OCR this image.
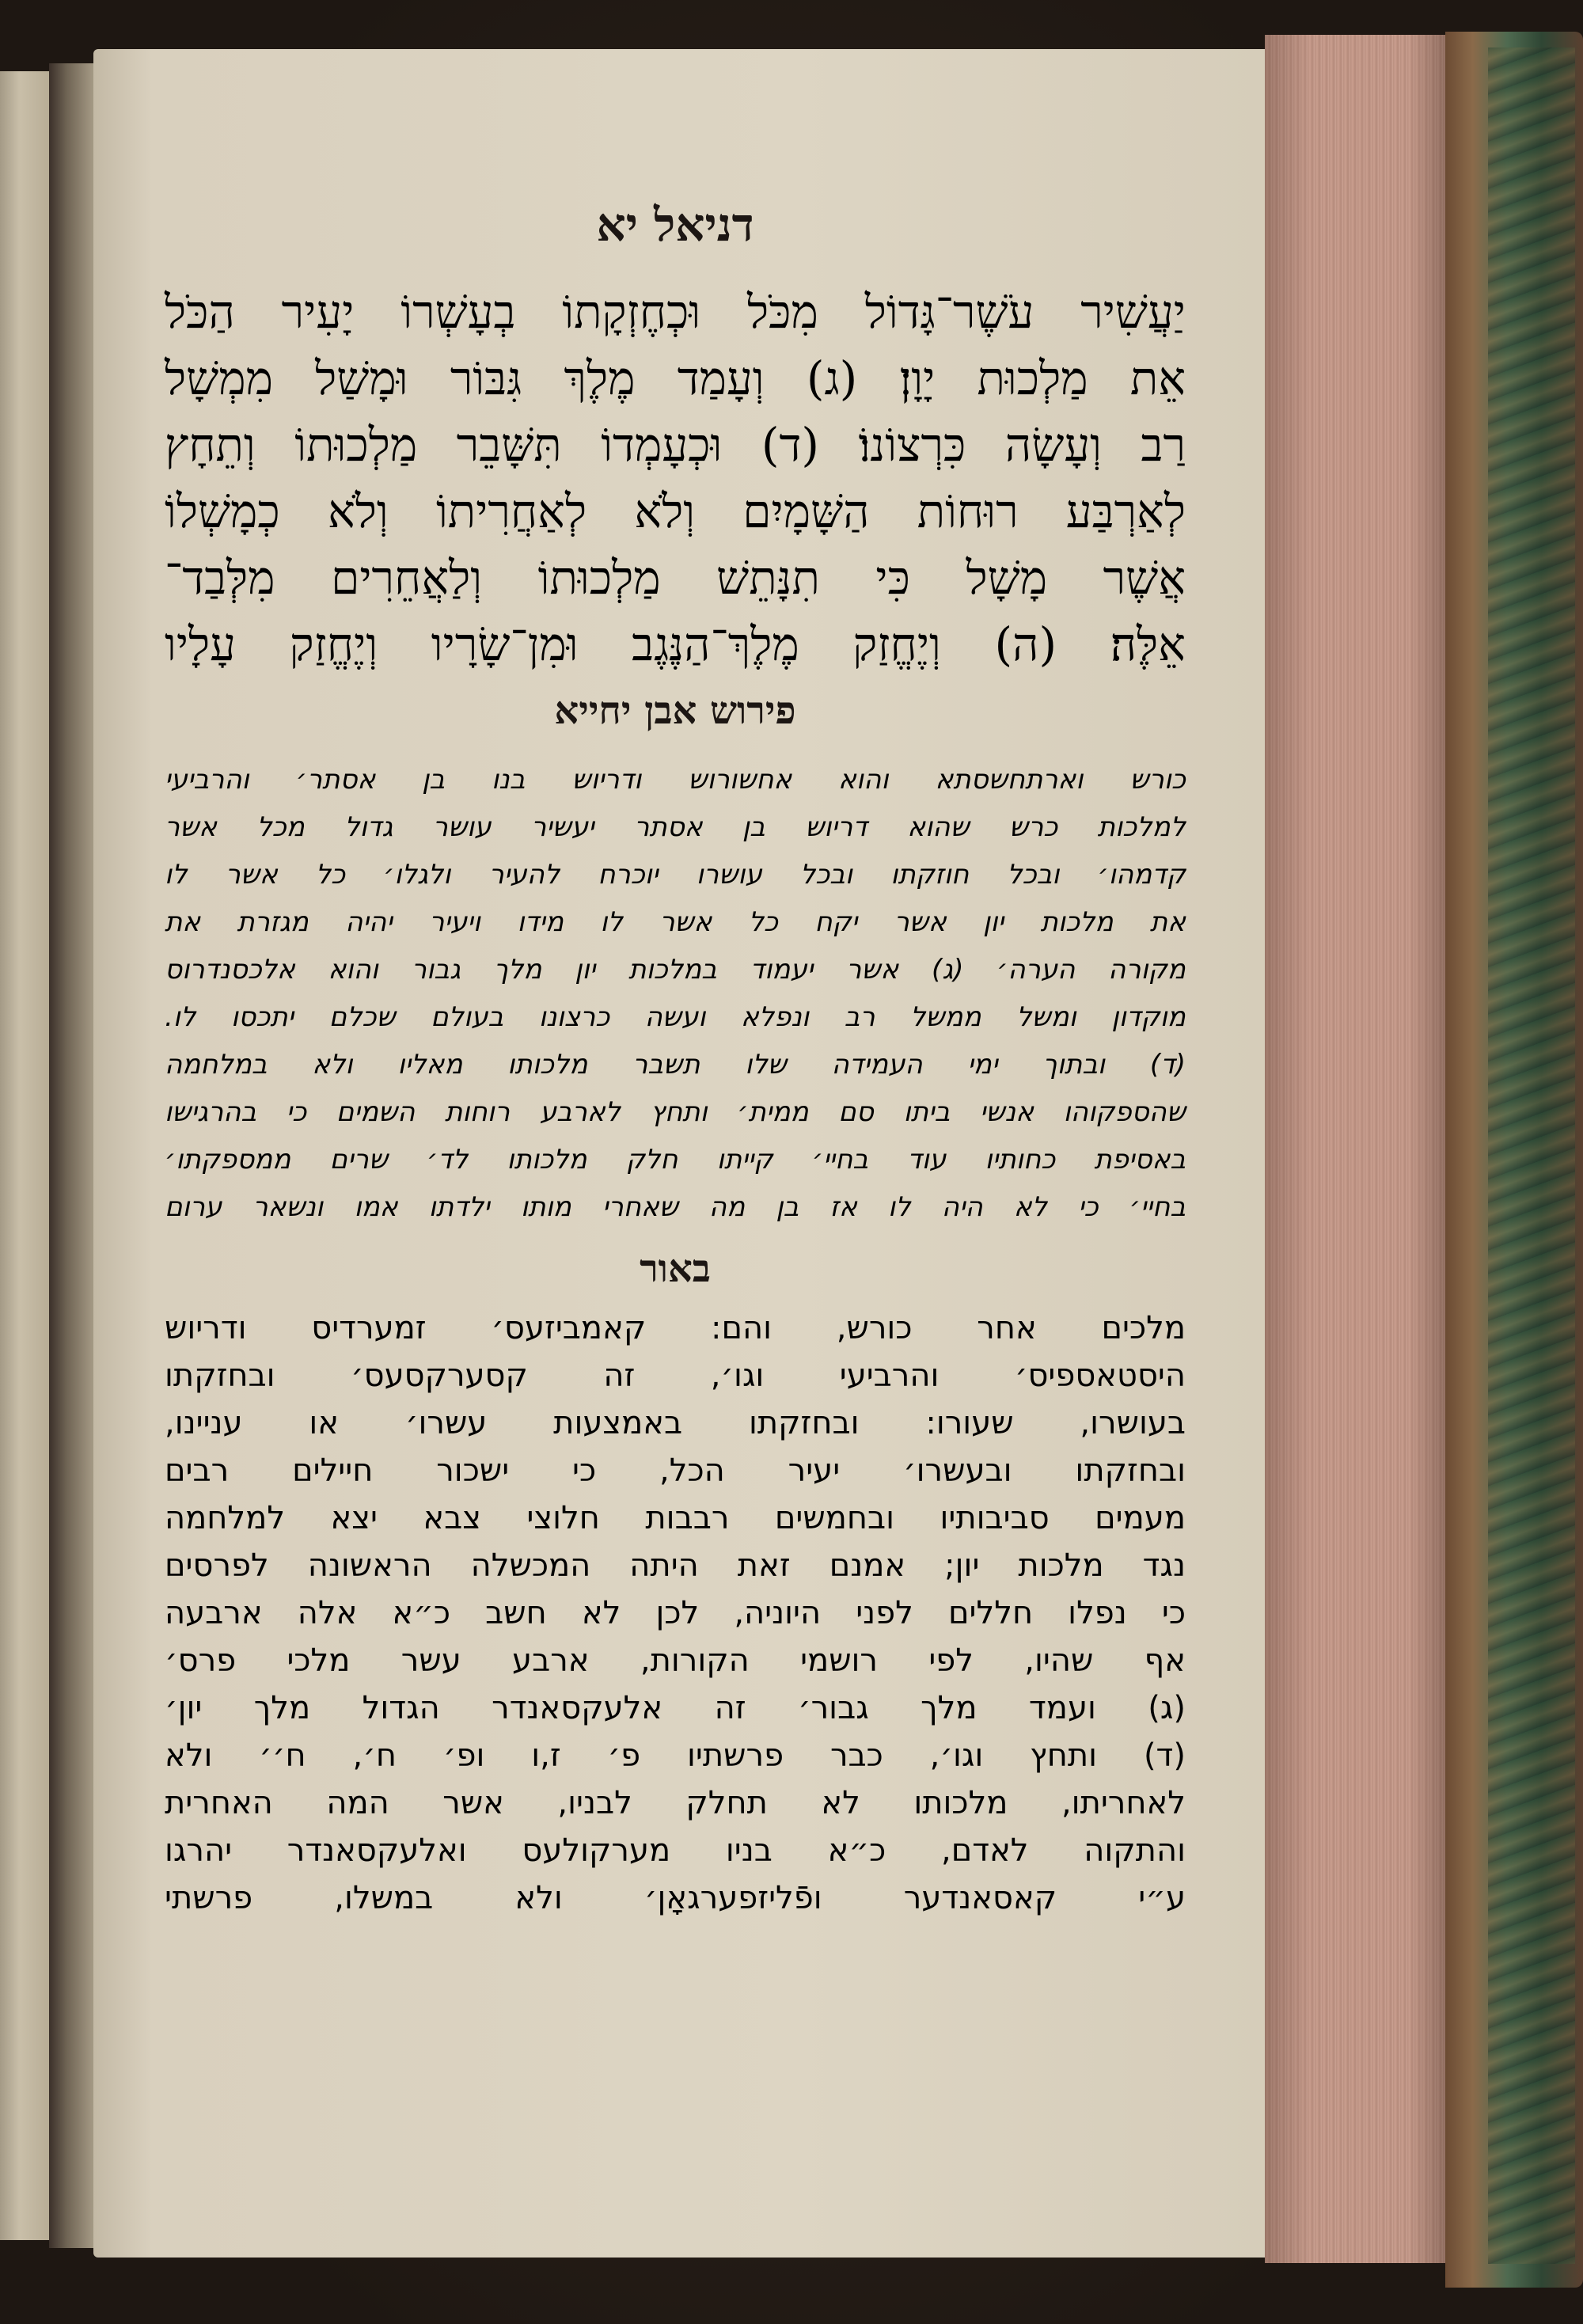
דניאל יא
יַעֲשִׁיר עֹשֶׁר־גָּדוֹל מִכֹּל וּכְחֶזְקָתוֹ בְעָשְׁרוֹ יָעִיר הַכֹּל
אֵת מַלְכוּת יָוָן׃ (ג) וְעָמַד מֶלֶךְ גִּבּוֹר וּמָשַׁל מִמְשָׁל
רַב וְעָשָׂה כִּרְצוֹנוֹ׃ (ד) וּכְעָמְדוֹ תִּשָּׁבֵר מַלְכוּתוֹ וְתֵחָץ
לְאַרְבַּע רוּחוֹת הַשָּׁמָיִם וְלֹא לְאַחֲרִיתוֹ וְלֹא כְמָשְׁלוֹ
אֲשֶׁר מָשָׁל כִּי תִנָּתֵשׁ מַלְכוּתוֹ וְלַאֲחֵרִים מִלְּבַד־
אֵלֶּה׃ (ה) וְיֶחֱזַק מֶלֶךְ־הַנֶּגֶב וּמִן־שָׂרָיו וְיֶחֱזַק עָלָיו
פירוש אבן יחייא
כורש וארתחשסתא והוא אחשורוש ודריוש בנו בן אסתר׳ והרביעי
למלכות כרש שהוא דריוש בן אסתר יעשיר עושר גדול מכל אשר
קדמהו׳ ובכל חוזקתו ובכל עושרו יוכרח להעיר ולגלו׳ כל אשר לו
את מלכות יון אשר יקח כל אשר לו מידו ויעיר יהיה מגזרת את
מקורה הערה׳ (ג) אשר יעמוד במלכות יון מלך גבור והוא אלכסנדרוס
מוקדון ומשל ממשל רב ונפלא ועשה כרצונו בעולם שכלם יתכסו לו.
(ד) ובתוך ימי העמידה שלו תשבר מלכותו מאליו ולא במלחמה
שהספקוהו אנשי ביתו סם ממית׳ ותחץ לארבע רוחות השמים כי בהרגישו
באסיפת כחותיו עוד בחיי׳ קייתו חלק מלכותו לד׳ שרים ממספקתו׳
בחיי׳ כי לא היה לו אז בן מה שאחרי מותו ילדתו אמו ונשאר ערום
באור
מלכים אחר כורש, והם: קאמביזעס׳ זמערדיס ודריוש
היסטאספיס׳ והרביעי וגו׳, זה קסערקסעס׳ ובחזקתו
בעושרו, שעורו: ובחזקתו באמצעות עשרו׳ או עניינו,
ובחזקתו ובעשרו׳ יעיר הכל, כי ישכור חיילים רבים
מעמים סביבותיו ובחמשים רבבות חלוצי צבא יצא למלחמה
נגד מלכות יון; אמנם זאת היתה המכשלה הראשונה לפרסים
כי נפלו חללים לפני היוניה, לכן לא חשב כ״א אלה ארבעה
אף שהיו, לפי רושמי הקורות, ארבע עשר מלכי פרס׳
(ג) ועמד מלך גבור׳ זה אלעקסאנדר הגדול מלך יון׳
(ד) ותחץ וגו׳, כבר פרשתיו פ׳ ז,ו ופ׳ ח׳, ח׳׳ ולא
לאחריתו, מלכותו לא תחלק לבניו, אשר המה האחרית
והתקוה לאדם, כ״א בניו מערקולעס ואלעקסאנדר יהרגו
ע״י קאסאנדער ופֿליזפערגאָן׳ ולא במשלו, פרשתי
